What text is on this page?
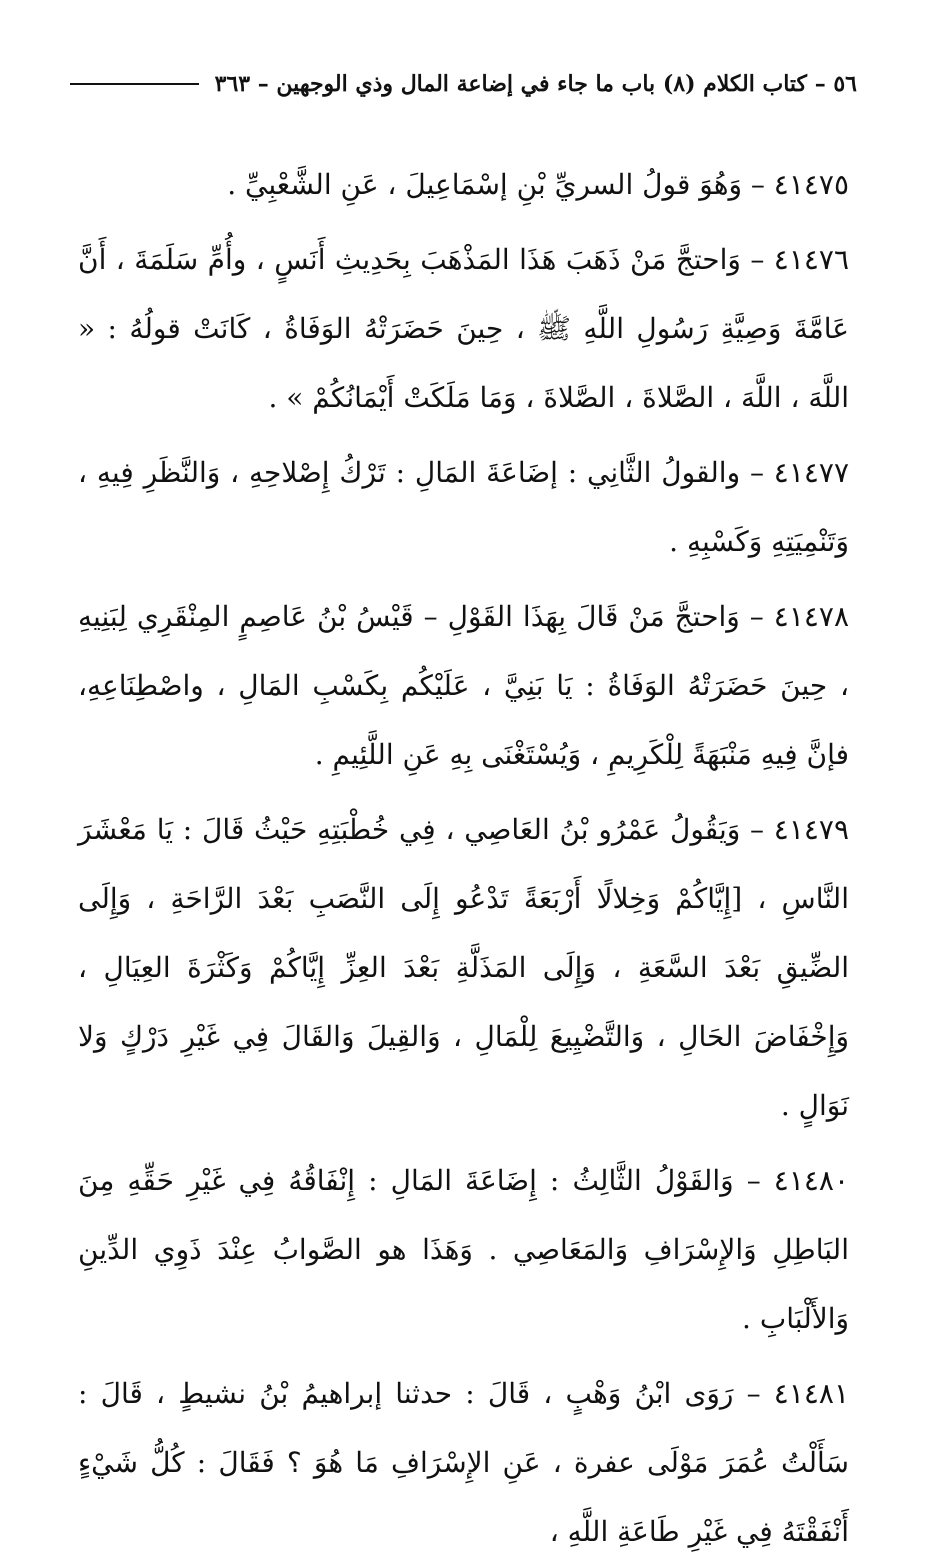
٥٦ – كتاب الكلام (٨) باب ما جاء في إضاعة المال وذي الوجهين – ٣٦٣

٤١٤٧٥ – وَهُوَ قولُ السريِّ بْنِ إسْمَاعِيلَ ، عَنِ الشَّعْبِيِّ .

٤١٤٧٦ – وَاحتجَّ مَنْ ذَهَبَ هَذَا المَذْهَبَ بِحَدِيثِ أَنَسٍ ، وأُمِّ سَلَمَةَ ، أَنَّ عَامَّةَ وَصِيَّةِ رَسُولِ اللَّهِ ﷺ ، حِينَ حَضَرَتْهُ الوَفَاةُ ، كَانَتْ قولُهُ : « اللَّهَ ، اللَّهَ ، الصَّلاةَ ، الصَّلاةَ ، وَمَا مَلَكَتْ أَيْمَانُكُمْ » .

٤١٤٧٧ – والقولُ الثَّانِي : إضَاعَةَ المَالِ : تَرْكُ إِصْلاحِهِ ، وَالنَّظَرِ فِيهِ ، وَتَنْمِيَتِهِ وَكَسْبِهِ .

٤١٤٧٨ – وَاحتجَّ مَنْ قَالَ بِهَذَا القَوْلِ – قَيْسُ بْنُ عَاصِمٍ المِنْقَرِي لِبَنِيهِ ، حِينَ حَضَرَتْهُ الوَفَاةُ : يَا بَنِيَّ ، عَلَيْكُم بِكَسْبِ المَالِ ، واصْطِنَاعِهِ، فإنَّ فِيهِ مَنْبَهَةً لِلْكَرِيمِ ، وَيُسْتَغْنَى بِهِ عَنِ اللَّئِيمِ .

٤١٤٧٩ – وَيَقُولُ عَمْرُو بْنُ العَاصِي ، فِي خُطْبَتِهِ حَيْثُ قَالَ : يَا مَعْشَرَ النَّاسِ ، [إِيَّاكُمْ وَخِلالًا أَرْبَعَةً تَدْعُو إِلَى النَّصَبِ بَعْدَ الرَّاحَةِ ، وَإِلَى الضِّيقِ بَعْدَ السَّعَةِ ، وَإِلَى المَذَلَّةِ بَعْدَ العِزِّ إِيَّاكُمْ وَكَثْرَةَ العِيَالِ ، وَإِخْفَاضَ الحَالِ ، وَالتَّضْيِيعَ لِلْمَالِ ، وَالقِيلَ وَالقَالَ فِي غَيْرِ دَرْكٍ وَلا نَوَالٍ .

٤١٤٨٠ – وَالقَوْلُ الثَّالِثُ : إِضَاعَةَ المَالِ : إِنْفَاقُهُ فِي غَيْرِ حَقِّهِ مِنَ البَاطِلِ وَالإِسْرَافِ وَالمَعَاصِي . وَهَذَا هو الصَّوابُ عِنْدَ ذَوِي الدِّينِ وَالأَلْبَابِ .

٤١٤٨١ – رَوَى ابْنُ وَهْبٍ ، قَالَ : حدثنا إبراهيمُ بْنُ نشيطٍ ، قَالَ : سَأَلْتُ عُمَرَ مَوْلَى عفرة ، عَنِ الإِسْرَافِ مَا هُوَ ؟ فَقَالَ : كُلُّ شَيْءٍ أَنْفَقْتَهُ فِي غَيْرِ طَاعَةِ اللَّهِ ،
